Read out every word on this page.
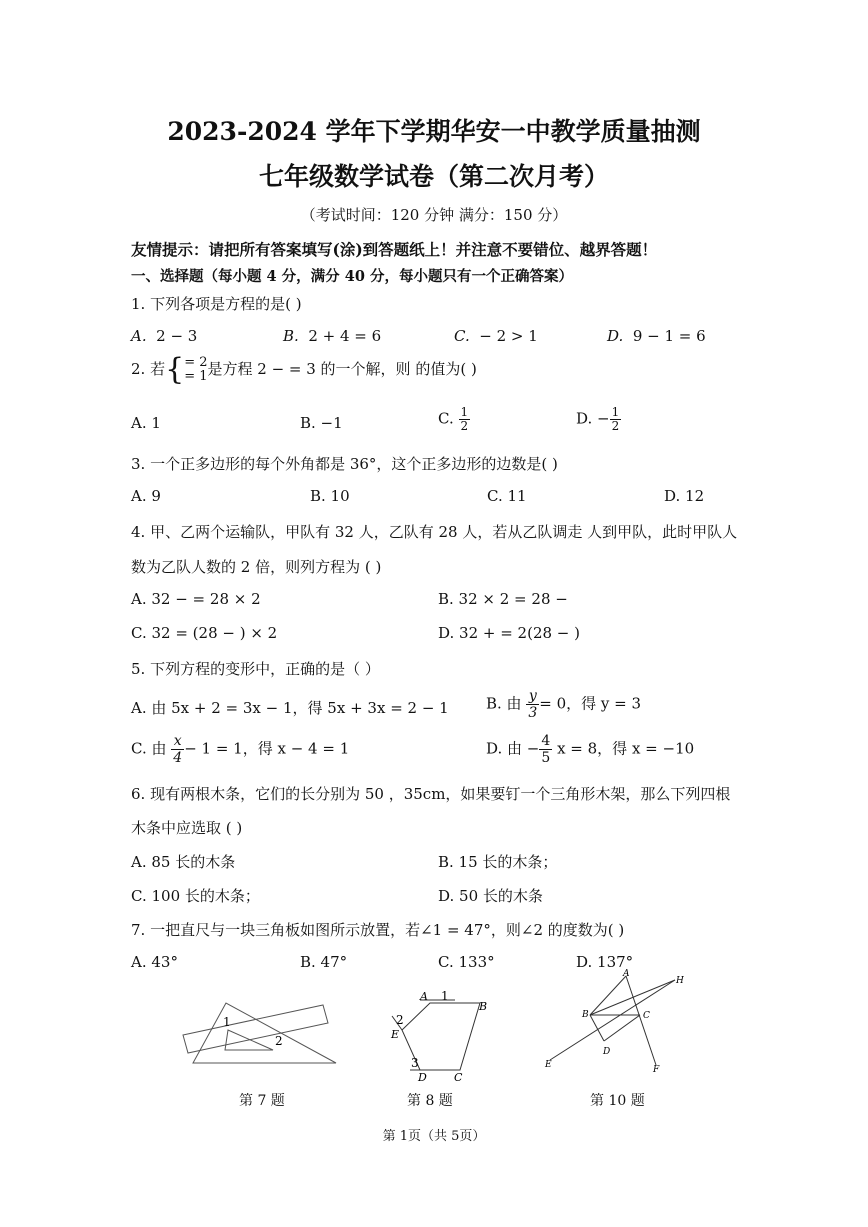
2023-2024 学年下学期华安一中教学质量抽测
七年级数学试卷（第二次月考）
（考试时间：120 分钟 满分：150 分）
友情提示：请把所有答案填写(涂)到答题纸上！并注意不要错位、越界答题！
一、选择题（每小题 4 分，满分 40 分，每小题只有一个正确答案）
1. 下列各项是方程的是( )
A. 2 − 3	B. 2 + 4 = 6	C.  − 2 > 1	D. 9 − 1 = 6
2. 若{ = 2
= 1 是方程 2 − = 3 的一个解，则 的值为( )
A. 1	B. −1	C. $\frac{1}{2}$	D. − $\frac{1}{2}$
3. 一个正多边形的每个外角都是 36°，这个正多边形的边数是( )
A. 9	B. 10	C. 11	D. 12
4. 甲、乙两个运输队，甲队有 32 人，乙队有 28 人，若从乙队调走 人到甲队，此时甲队人
数为乙队人数的 2 倍，则列方程为 ( )
A. 32 − = 28 × 2	B. 32 × 2 = 28 −
C. 32 = (28 − ) × 2	D. 32 + = 2(28 − )
5. 下列方程的变形中，正确的是（ ）
A. 由 5x + 2 = 3x − 1，得 5x + 3x = 2 − 1 B. 由 $\frac{y}{3} = 0$，得 y = 3
C. 由 $\frac{x}{4} - 1 = 1$，得 x − 4 = 1	D. 由 − $\frac{4}{5}$ x = 8，得 x = −10
6. 现有两根木条，它们的长分别为 50 ，35cm，如果要钉一个三角形木架，那么下列四根
木条中应选取 ( )
A. 85 长的木条	B. 15 长的木条；
C. 100 长的木条；	D. 50 长的木条
7. 一把直尺与一块三角板如图所示放置，若∠1 = 47°，则∠2 的度数为( )
A. 43°	B. 47°	C. 133°	D. 137°
1
2
A 1
B
2
E
3
D C
A
H
B	C
D
E	F
第 7 题	第 8 题	第 10 题
第 1页（共 5页）
